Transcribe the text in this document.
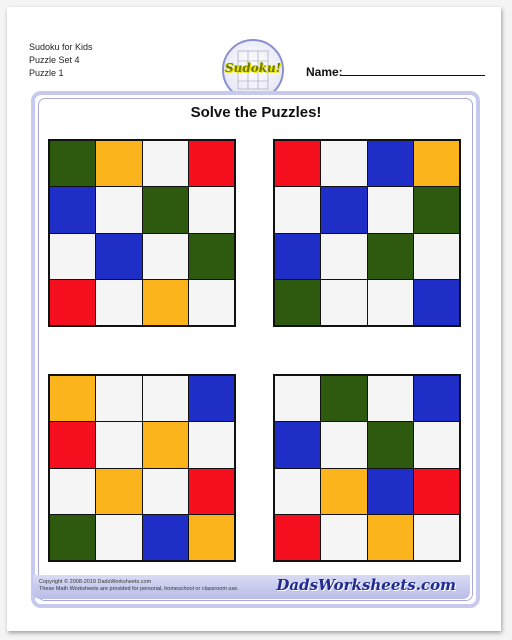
Sudoku for Kids
Puzzle Set 4
Puzzle 1	Sudoku! Name:
Solve the Puzzles!
Copyright © 2008-2019 DadsWorksheets.com
These Math Worksheets are provided for personal, homeschool or classroom use.	DadsWorksheets.com
